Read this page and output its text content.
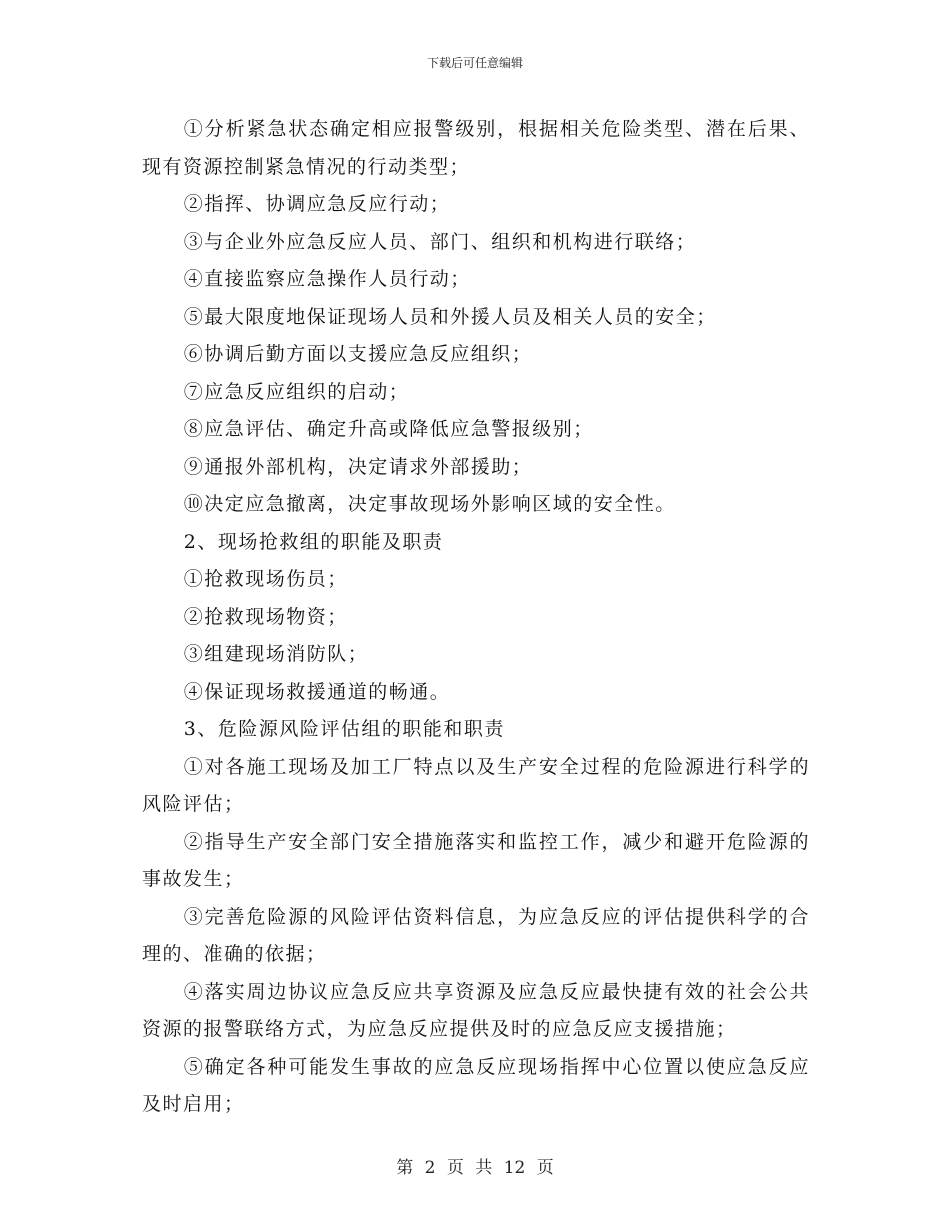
下载后可任意编辑

①分析紧急状态确定相应报警级别，根据相关危险类型、潜在后果、现有资源控制紧急情况的行动类型；

②指挥、协调应急反应行动；

③与企业外应急反应人员、部门、组织和机构进行联络；

④直接监察应急操作人员行动；

⑤最大限度地保证现场人员和外援人员及相关人员的安全；

⑥协调后勤方面以支援应急反应组织；

⑦应急反应组织的启动；

⑧应急评估、确定升高或降低应急警报级别；

⑨通报外部机构，决定请求外部援助；

⑩决定应急撤离，决定事故现场外影响区域的安全性。

2、现场抢救组的职能及职责

①抢救现场伤员；

②抢救现场物资；

③组建现场消防队；

④保证现场救援通道的畅通。

3、危险源风险评估组的职能和职责

①对各施工现场及加工厂特点以及生产安全过程的危险源进行科学的风险评估；

②指导生产安全部门安全措施落实和监控工作，减少和避开危险源的事故发生；

③完善危险源的风险评估资料信息，为应急反应的评估提供科学的合理的、准确的依据；

④落实周边协议应急反应共享资源及应急反应最快捷有效的社会公共资源的报警联络方式，为应急反应提供及时的应急反应支援措施；

⑤确定各种可能发生事故的应急反应现场指挥中心位置以使应急反应及时启用；

第 2 页 共 12 页
